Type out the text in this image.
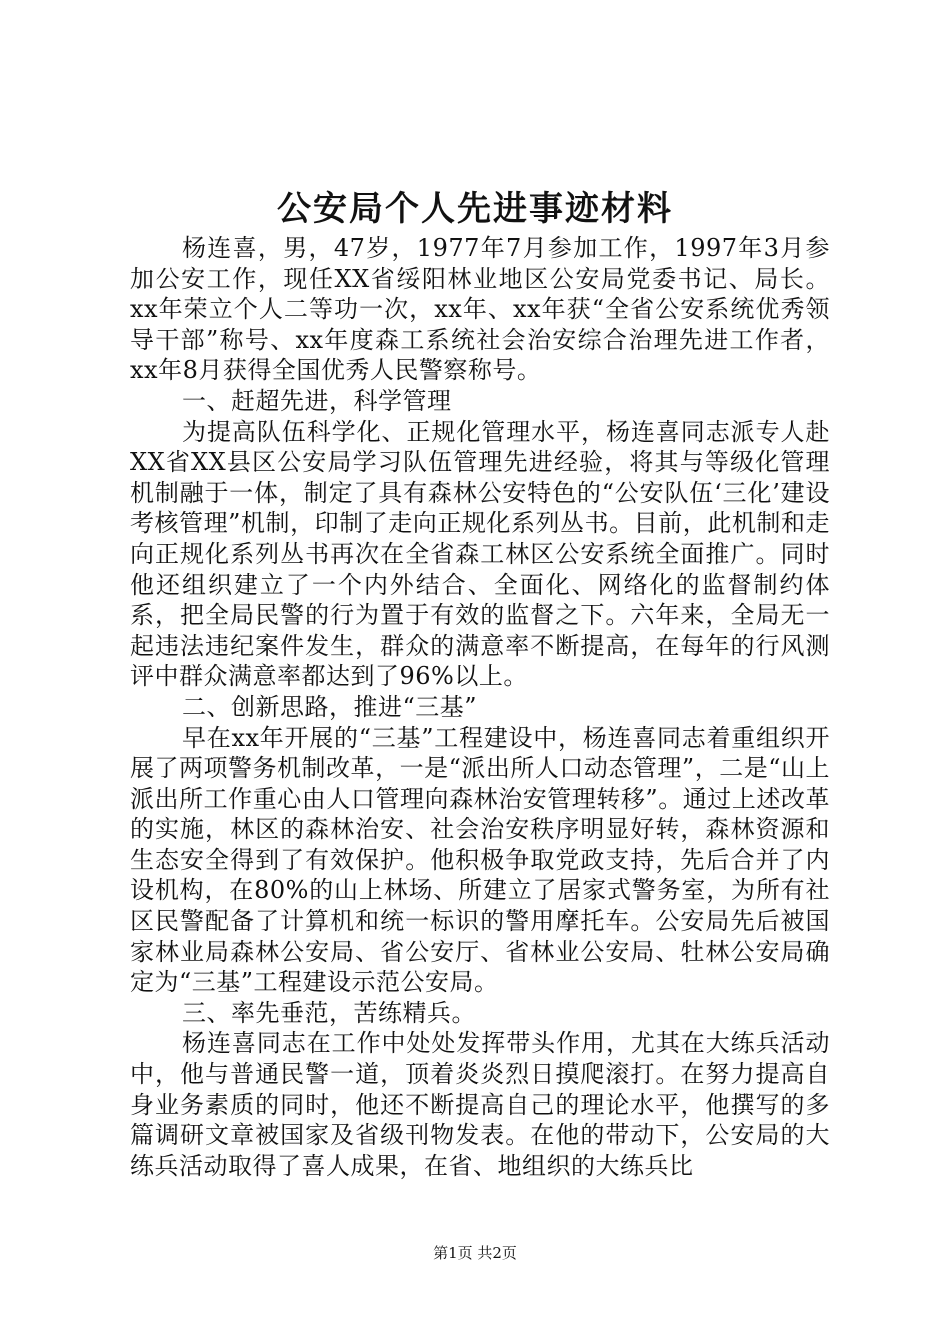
公安局个人先进事迹材料

杨连喜，男，47岁，1977年7月参加工作，1997年3月参加公安工作，现任XX省绥阳林业地区公安局党委书记、局长。xx年荣立个人二等功一次，xx年、xx年获“全省公安系统优秀领导干部”称号、xx年度森工系统社会治安综合治理先进工作者，xx年8月获得全国优秀人民警察称号。

一、赶超先进，科学管理

为提高队伍科学化、正规化管理水平，杨连喜同志派专人赴XX省XX县区公安局学习队伍管理先进经验，将其与等级化管理机制融于一体，制定了具有森林公安特色的“公安队伍‘三化’建设考核管理”机制，印制了走向正规化系列丛书。目前，此机制和走向正规化系列丛书再次在全省森工林区公安系统全面推广。同时他还组织建立了一个内外结合、全面化、网络化的监督制约体系，把全局民警的行为置于有效的监督之下。六年来，全局无一起违法违纪案件发生，群众的满意率不断提高，在每年的行风测评中群众满意率都达到了96%以上。

二、创新思路，推进“三基”

早在xx年开展的“三基”工程建设中，杨连喜同志着重组织开展了两项警务机制改革，一是“派出所人口动态管理”，二是“山上派出所工作重心由人口管理向森林治安管理转移”。通过上述改革的实施，林区的森林治安、社会治安秩序明显好转，森林资源和生态安全得到了有效保护。他积极争取党政支持，先后合并了内设机构，在80%的山上林场、所建立了居家式警务室，为所有社区民警配备了计算机和统一标识的警用摩托车。公安局先后被国家林业局森林公安局、省公安厅、省林业公安局、牡林公安局确定为“三基”工程建设示范公安局。

三、率先垂范，苦练精兵。

杨连喜同志在工作中处处发挥带头作用，尤其在大练兵活动中，他与普通民警一道，顶着炎炎烈日摸爬滚打。在努力提高自身业务素质的同时，他还不断提高自己的理论水平，他撰写的多篇调研文章被国家及省级刊物发表。在他的带动下，公安局的大练兵活动取得了喜人成果，在省、地组织的大练兵比

第1页 共2页
